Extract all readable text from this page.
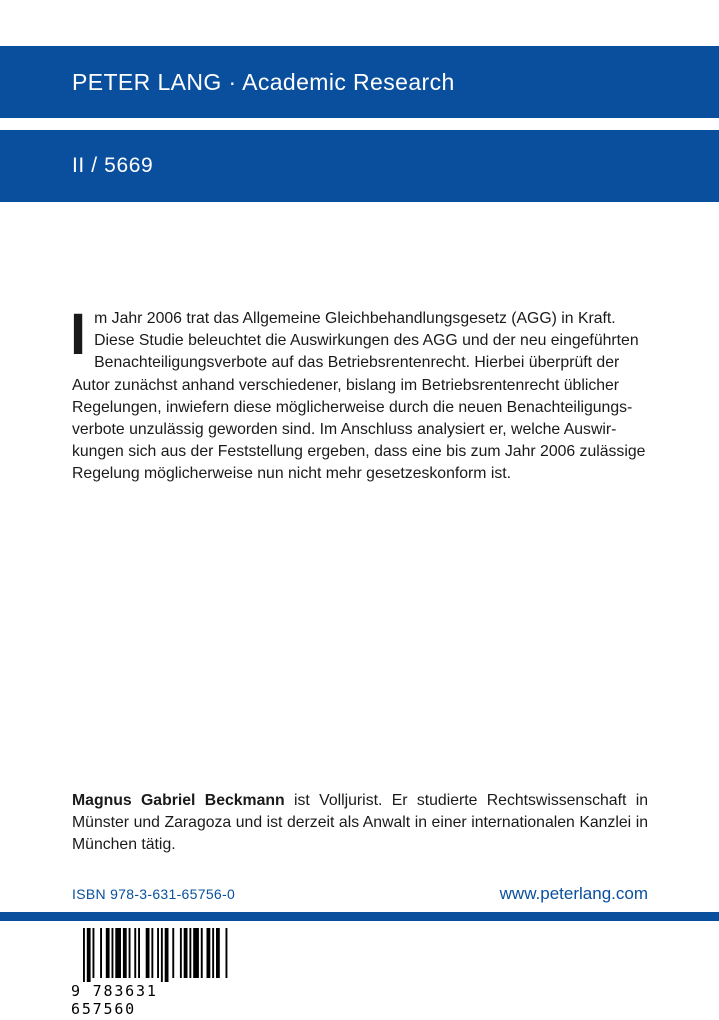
PETER LANG · Academic Research
II / 5669
I m Jahr 2006 trat das Allgemeine Gleichbehandlungsgesetz (AGG) in Kraft.

Diese Studie beleuchtet die Auswirkungen des AGG und der neu eingeführten

Benachteiligungsverbote auf das Betriebsrentenrecht. Hierbei überprüft der

Autor zunächst anhand verschiedener, bislang im Betriebsrentenrecht üblicher

Regelungen, inwiefern diese möglicherweise durch die neuen Benachteiligungs-

verbote unzulässig geworden sind. Im Anschluss analysiert er, welche Auswir-

kungen sich aus der Feststellung ergeben, dass eine bis zum Jahr 2006 zulässige

Regelung möglicherweise nun nicht mehr gesetzeskonform ist.

Magnus Gabriel Beckmann ist Volljurist. Er studierte Rechtswissenschaft in Münster und Zaragoza und ist derzeit als Anwalt in einer internationalen Kanzlei in München tätig.
ISBN 978-3-631-65756-0	www.peterlang.com
9 783631 657560
